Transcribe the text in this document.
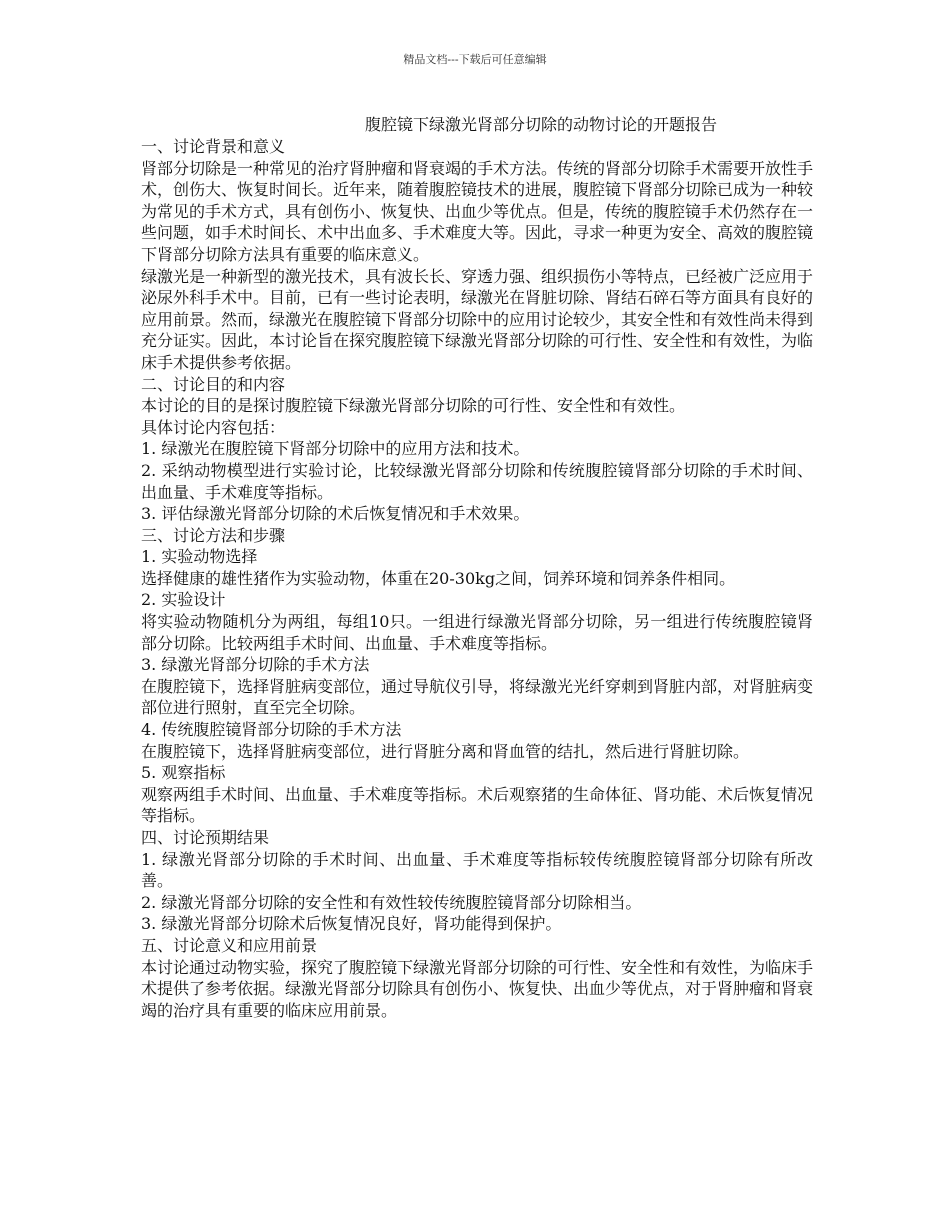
精品文档---下载后可任意编辑
腹腔镜下绿激光肾部分切除的动物讨论的开题报告

一、讨论背景和意义

肾部分切除是一种常见的治疗肾肿瘤和肾衰竭的手术方法。传统的肾部分切除手术需要开放性手术，创伤大、恢复时间长。近年来，随着腹腔镜技术的进展，腹腔镜下肾部分切除已成为一种较为常见的手术方式，具有创伤小、恢复快、出血少等优点。但是，传统的腹腔镜手术仍然存在一些问题，如手术时间长、术中出血多、手术难度大等。因此，寻求一种更为安全、高效的腹腔镜下肾部分切除方法具有重要的临床意义。

绿激光是一种新型的激光技术，具有波长长、穿透力强、组织损伤小等特点，已经被广泛应用于泌尿外科手术中。目前，已有一些讨论表明，绿激光在肾脏切除、肾结石碎石等方面具有良好的应用前景。然而，绿激光在腹腔镜下肾部分切除中的应用讨论较少，其安全性和有效性尚未得到充分证实。因此，本讨论旨在探究腹腔镜下绿激光肾部分切除的可行性、安全性和有效性，为临床手术提供参考依据。

二、讨论目的和内容

本讨论的目的是探讨腹腔镜下绿激光肾部分切除的可行性、安全性和有效性。

具体讨论内容包括：

1. 绿激光在腹腔镜下肾部分切除中的应用方法和技术。

2. 采纳动物模型进行实验讨论，比较绿激光肾部分切除和传统腹腔镜肾部分切除的手术时间、出血量、手术难度等指标。

3. 评估绿激光肾部分切除的术后恢复情况和手术效果。

三、讨论方法和步骤

1. 实验动物选择

选择健康的雄性猪作为实验动物，体重在20-30kg之间，饲养环境和饲养条件相同。

2. 实验设计

将实验动物随机分为两组，每组10只。一组进行绿激光肾部分切除，另一组进行传统腹腔镜肾部分切除。比较两组手术时间、出血量、手术难度等指标。

3. 绿激光肾部分切除的手术方法

在腹腔镜下，选择肾脏病变部位，通过导航仪引导，将绿激光光纤穿刺到肾脏内部，对肾脏病变部位进行照射，直至完全切除。

4. 传统腹腔镜肾部分切除的手术方法

在腹腔镜下，选择肾脏病变部位，进行肾脏分离和肾血管的结扎，然后进行肾脏切除。

5. 观察指标

观察两组手术时间、出血量、手术难度等指标。术后观察猪的生命体征、肾功能、术后恢复情况等指标。

四、讨论预期结果

1. 绿激光肾部分切除的手术时间、出血量、手术难度等指标较传统腹腔镜肾部分切除有所改善。

2. 绿激光肾部分切除的安全性和有效性较传统腹腔镜肾部分切除相当。

3. 绿激光肾部分切除术后恢复情况良好，肾功能得到保护。

五、讨论意义和应用前景

本讨论通过动物实验，探究了腹腔镜下绿激光肾部分切除的可行性、安全性和有效性，为临床手术提供了参考依据。绿激光肾部分切除具有创伤小、恢复快、出血少等优点，对于肾肿瘤和肾衰竭的治疗具有重要的临床应用前景。
